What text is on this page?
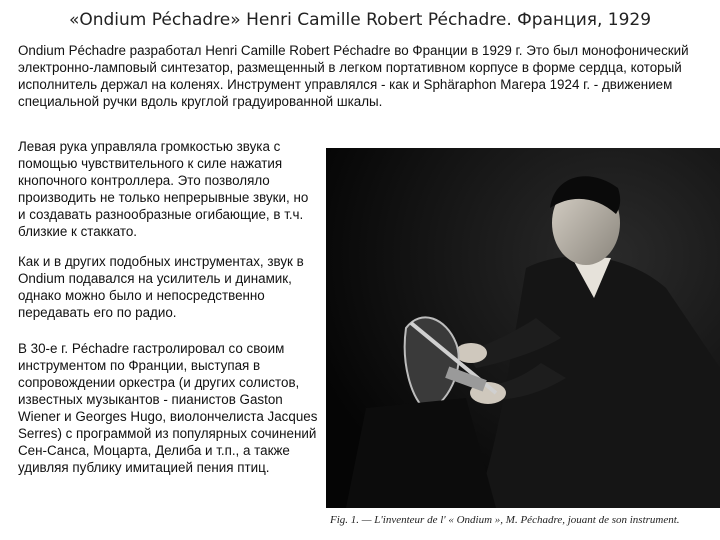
«Ondium Péchadre» Henri Camille Robert Péchadre. Франция, 1929
Ondium Péchadre разработал Henri Camille Robert Péchadre во Франции в 1929 г. Это был монофонический электронно-ламповый синтезатор, размещенный в легком портативном корпусе в форме сердца, который исполнитель держал на коленях. Инструмент управлялся - как и Sphäraphon Магера 1924 г. - движением специальной ручки вдоль круглой градуированной шкалы.

Левая рука управляла громкостью звука с помощью чувствительного к силе нажатия кнопочного контроллера. Это позволяло производить не только непрерывные звуки, но и создавать разнообразные огибающие, в т.ч. близкие к стаккато.

Как и в других подобных инструментах, звук в Ondium подавался на усилитель и динамик, однако можно было и непосредственно передавать его по радио.

В 30-е г. Péchadre гастролировал со своим инструментом по Франции, выступая в сопровождении оркестра (и других солистов, известных музыкантов - пианистов Gaston Wiener и Georges Hugo, виолончелиста Jacques Serres) с программой из популярных сочинений Сен-Санса, Моцарта, Делиба и т.п., а также удивляя публику имитацией пения птиц.

Fig. 1. — L'inventeur de l' « Ondium », M. Péchadre, jouant de son instrument.
